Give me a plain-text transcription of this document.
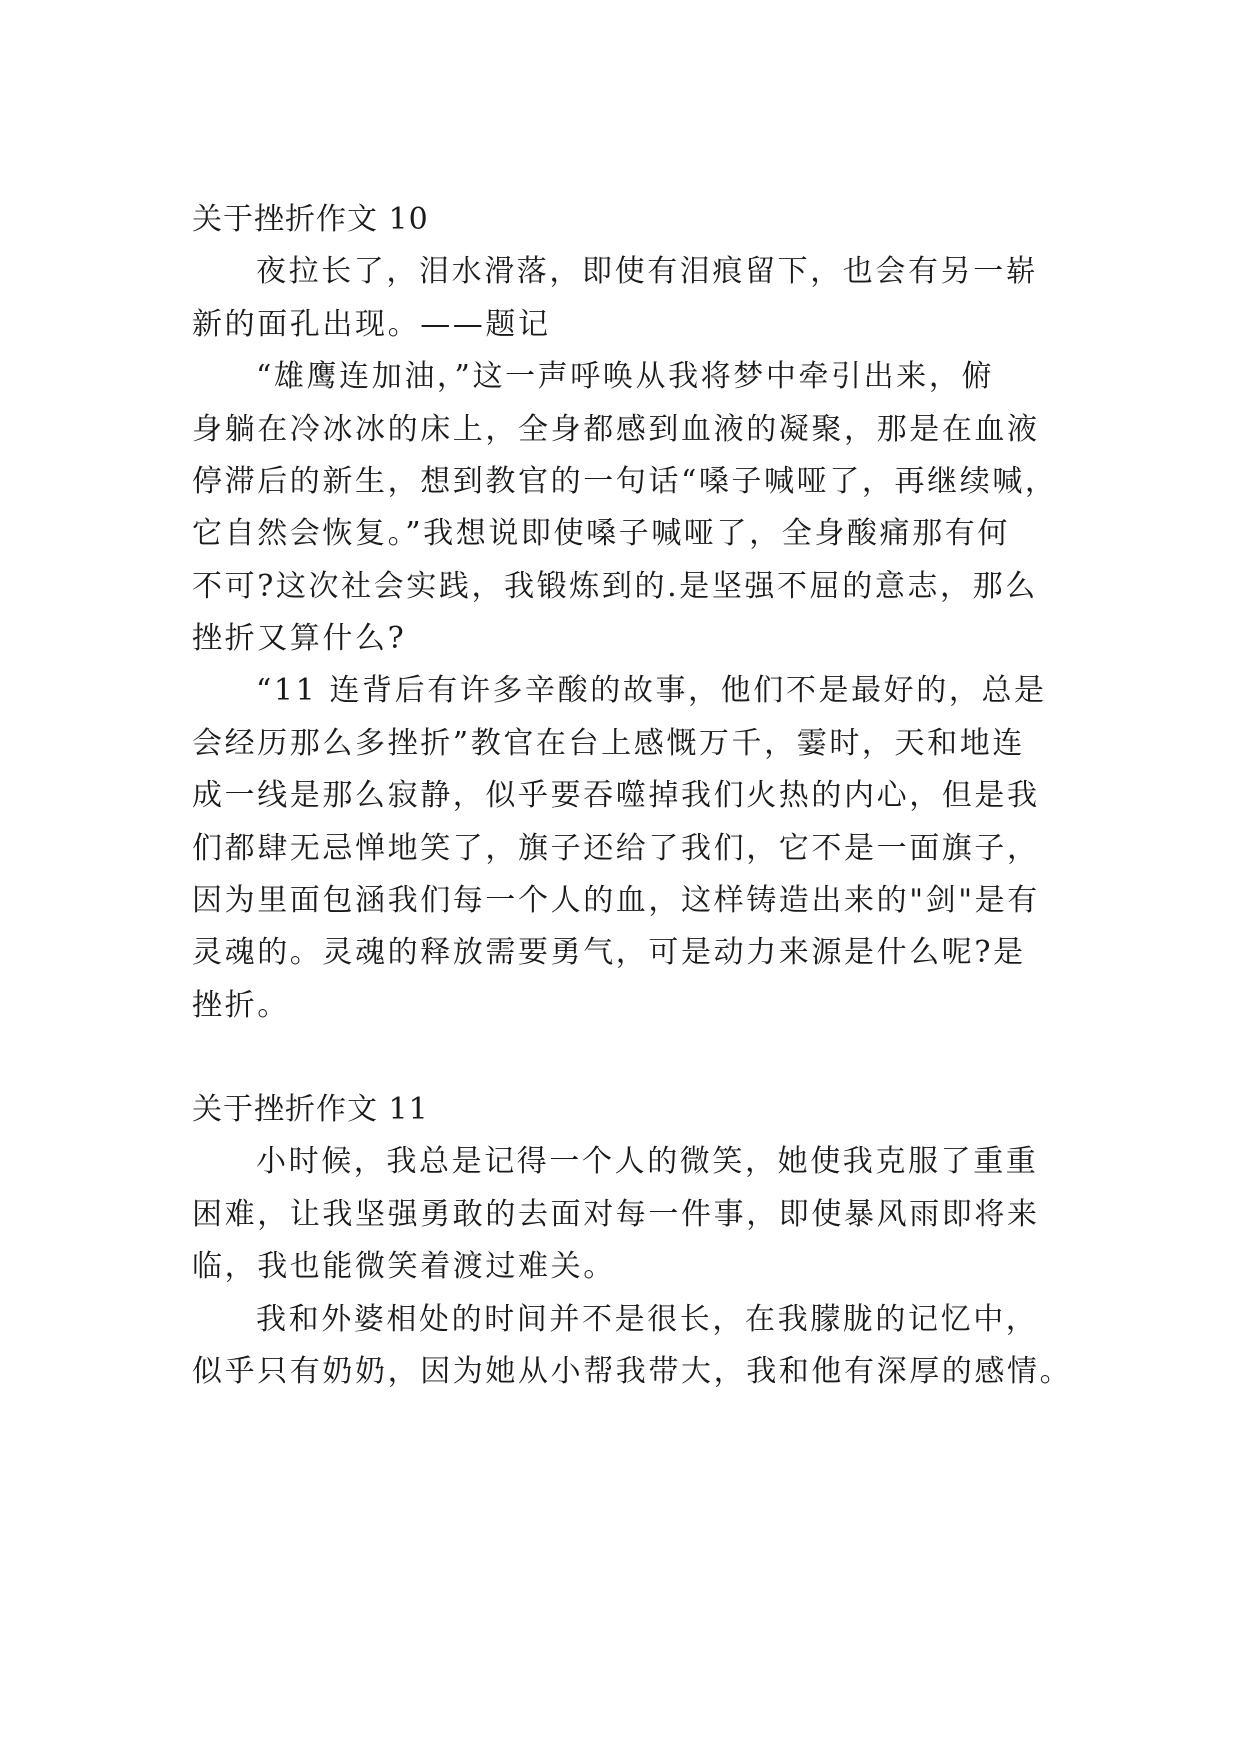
关于挫折作文 10
夜拉长了，泪水滑落，即使有泪痕留下，也会有另一崭
新的面孔出现。——题记
“雄鹰连加油，”这一声呼唤从我将梦中牵引出来，俯
身躺在冷冰冰的床上，全身都感到血液的凝聚，那是在血液
停滞后的新生，想到教官的一句话“嗓子喊哑了，再继续喊，
它自然会恢复。”我想说即使嗓子喊哑了，全身酸痛那有何
不可?这次社会实践，我锻炼到的.是坚强不屈的意志，那么
挫折又算什么?
“11 连背后有许多辛酸的故事，他们不是最好的，总是
会经历那么多挫折”教官在台上感慨万千，霎时，天和地连
成一线是那么寂静，似乎要吞噬掉我们火热的内心，但是我
们都肆无忌惮地笑了，旗子还给了我们，它不是一面旗子，
因为里面包涵我们每一个人的血，这样铸造出来的"剑"是有
灵魂的。灵魂的释放需要勇气，可是动力来源是什么呢?是
挫折。
关于挫折作文 11
小时候，我总是记得一个人的微笑，她使我克服了重重
困难，让我坚强勇敢的去面对每一件事，即使暴风雨即将来
临，我也能微笑着渡过难关。
我和外婆相处的时间并不是很长，在我朦胧的记忆中，
似乎只有奶奶，因为她从小帮我带大，我和他有深厚的感情。
